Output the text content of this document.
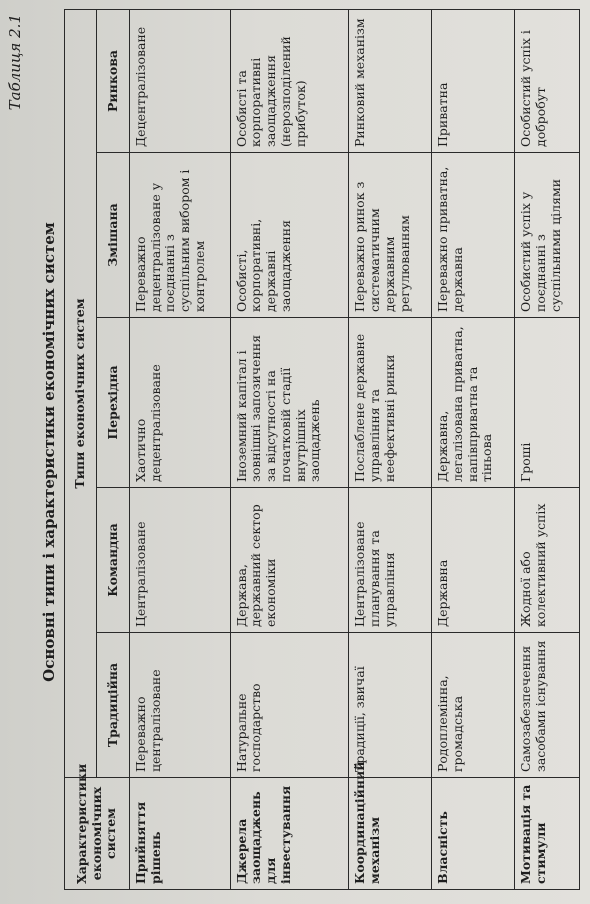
Таблиця 2.1
Основні типи і характеристики економічних систем
Характеристики економічних систем	Типи економічних систем				
	Традиційна	Командна	Перехідна	Змішана	Ринкова
Прийняття рішень	Переважно централізоване	Централізоване	Хаотично децентралізоване	Переважно децентралізоване у поєднанні з суспільним вибором і контролем	Децентралізоване
Джерела заощаджень для інвестування	Натуральне господарство	Держава, державний сектор економіки	Іноземний капітал і зовнішні запозичення за відсутності на початковій стадії внутрішніх заощаджень	Особисті, корпоративні, державні заощадження	Особисті та корпоративні заощадження (нерозподілений прибуток)
Координаційний механізм	Традиції, звичаї	Централізоване планування та управління	Послаблене державне управління та неефективні ринки	Переважно ринок з систематичним державним регулюванням	Ринковий механізм
Власність	Родоплемінна, громадська	Державна	Державна, легалізована приватна, напівприватна та тіньова	Переважно приватна, державна	Приватна
Мотивація та стимули	Самозабезпечення засобами існування	Жодної або колективний успіх	Гроші	Особистий успіх у поєднанні з суспільними цілями	Особистий успіх і добробут
